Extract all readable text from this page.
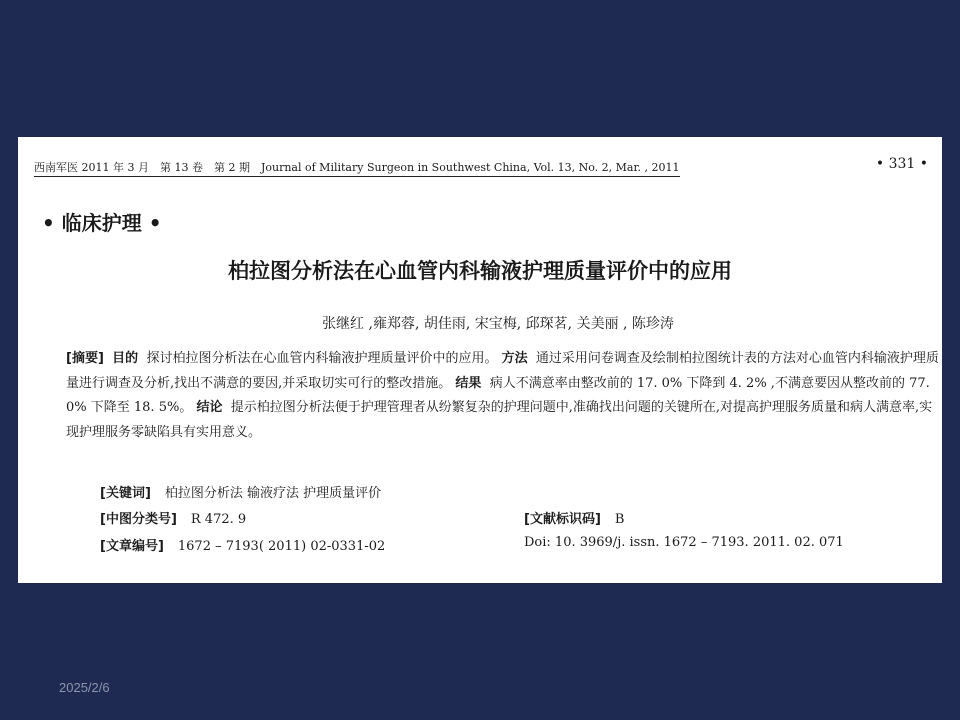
西南军医 2011 年 3 月　第 13 卷　第 2 期　Journal of Military Surgeon in Southwest China, Vol. 13, No. 2, Mar. , 2011	• 331 •
• 临床护理 •
柏拉图分析法在心血管内科输液护理质量评价中的应用
张继红 ,雍郑蓉, 胡佳雨, 宋宝梅, 邱琛茗, 关美丽 , 陈珍涛

[摘要] 目的 探讨柏拉图分析法在心血管内科输液护理质量评价中的应用。 方法 通过采用问卷调查及绘制柏拉图统计表的方法对心血管内科输液护理质量进行调查及分析,找出不满意的要因,并采取切实可行的整改措施。 结果 病人不满意率由整改前的 17. 0% 下降到 4. 2% ,不满意要因从整改前的 77. 0% 下降至 18. 5%。 结论 提示柏拉图分析法便于护理管理者从纷繁复杂的护理问题中,准确找出问题的关键所在,对提高护理服务质量和病人满意率,实现护理服务零缺陷具有实用意义。

[关键词] 柏拉图分析法 输液疗法 护理质量评价
[中图分类号] R 472. 9	[文献标识码] B
[文章编号] 1672 – 7193( 2011) 02-0331-02	Doi: 10. 3969/j. issn. 1672 – 7193. 2011. 02. 071
2025/2/6
